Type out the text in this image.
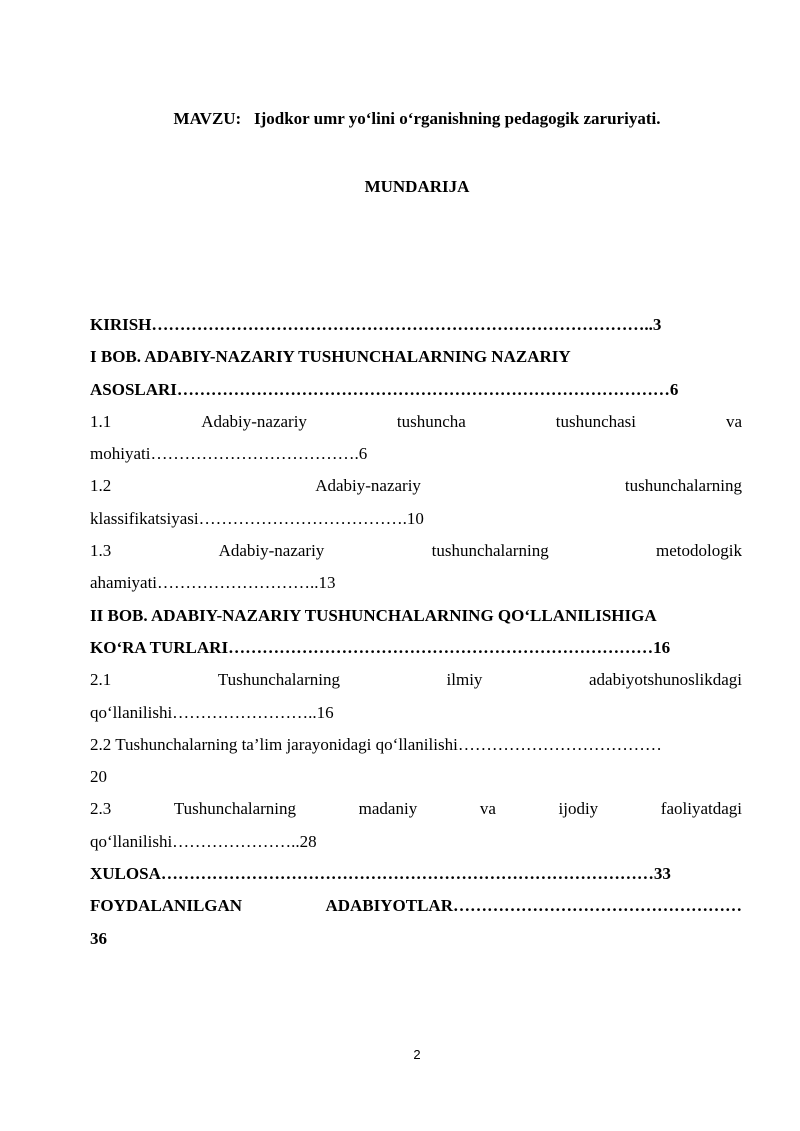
MAVZU:   Ijodkor umr yo‘lini o‘rganishning pedagogik zaruriyati.
MUNDARIJA
KIRISH……………………………………………………………………………..3
I BOB. ADABIY-NAZARIY TUSHUNCHALARNING NAZARIY
ASOSLARI……………………………………………………………………………6
1.1	Adabiy-nazariy	tushuncha	tushunchasi	va
mohiyati……………………………….6
1.2	Adabiy-nazariy	tushunchalarning
klassifikatsiyasi……………………………….10
1.3	Adabiy-nazariy	tushunchalarning	metodologik
ahamiyati………………………..13
II BOB. ADABIY-NAZARIY TUSHUNCHALARNING QO‘LLANILISHIGA
KO‘RA TURLARI…………………………………………………………………16
2.1	Tushunchalarning	ilmiy	adabiyotshunoslikdagi
qo‘llanilishi……………………..16
2.2 Tushunchalarning ta’lim jarayonidagi qo‘llanilishi………………………………
20
2.3	Tushunchalarning	madaniy	va	ijodiy	faoliyatdagi
qo‘llanilishi…………………..28
XULOSA……………………………………………………………………………33
FOYDALANILGAN	ADABIYOTLAR……………………………………………
36
2
